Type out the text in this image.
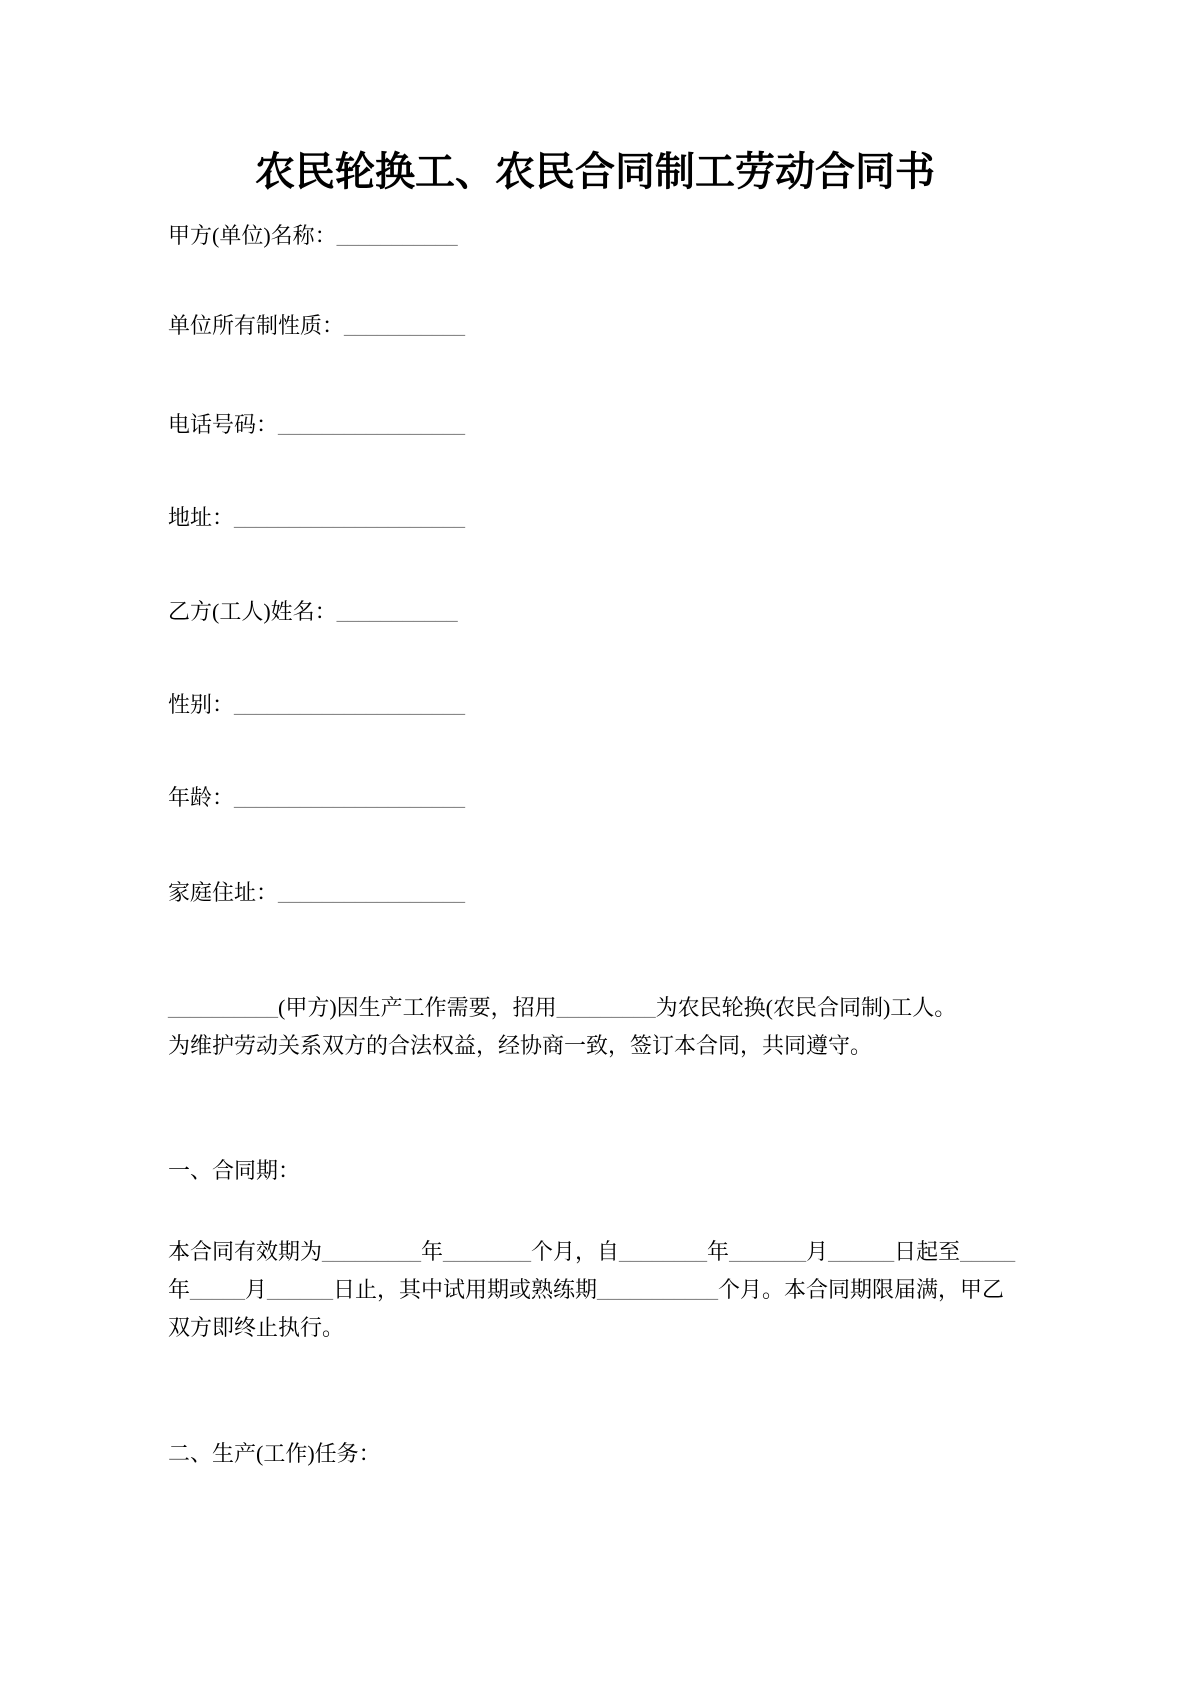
农民轮换工、农民合同制工劳动合同书
甲方(单位)名称：___________
单位所有制性质：___________
电话号码：_________________
地址：_____________________
乙方(工人)姓名：___________
性别：_____________________
年龄：_____________________
家庭住址：_________________

__________(甲方)因生产工作需要，招用_________为农民轮换(农民合同制)工人。为维护劳动关系双方的合法权益，经协商一致，签订本合同，共同遵守。

一、合同期：

本合同有效期为_________年________个月，自________年_______月______日起至_____年_____月______日止，其中试用期或熟练期___________个月。本合同期限届满，甲乙双方即终止执行。

二、生产(工作)任务：
